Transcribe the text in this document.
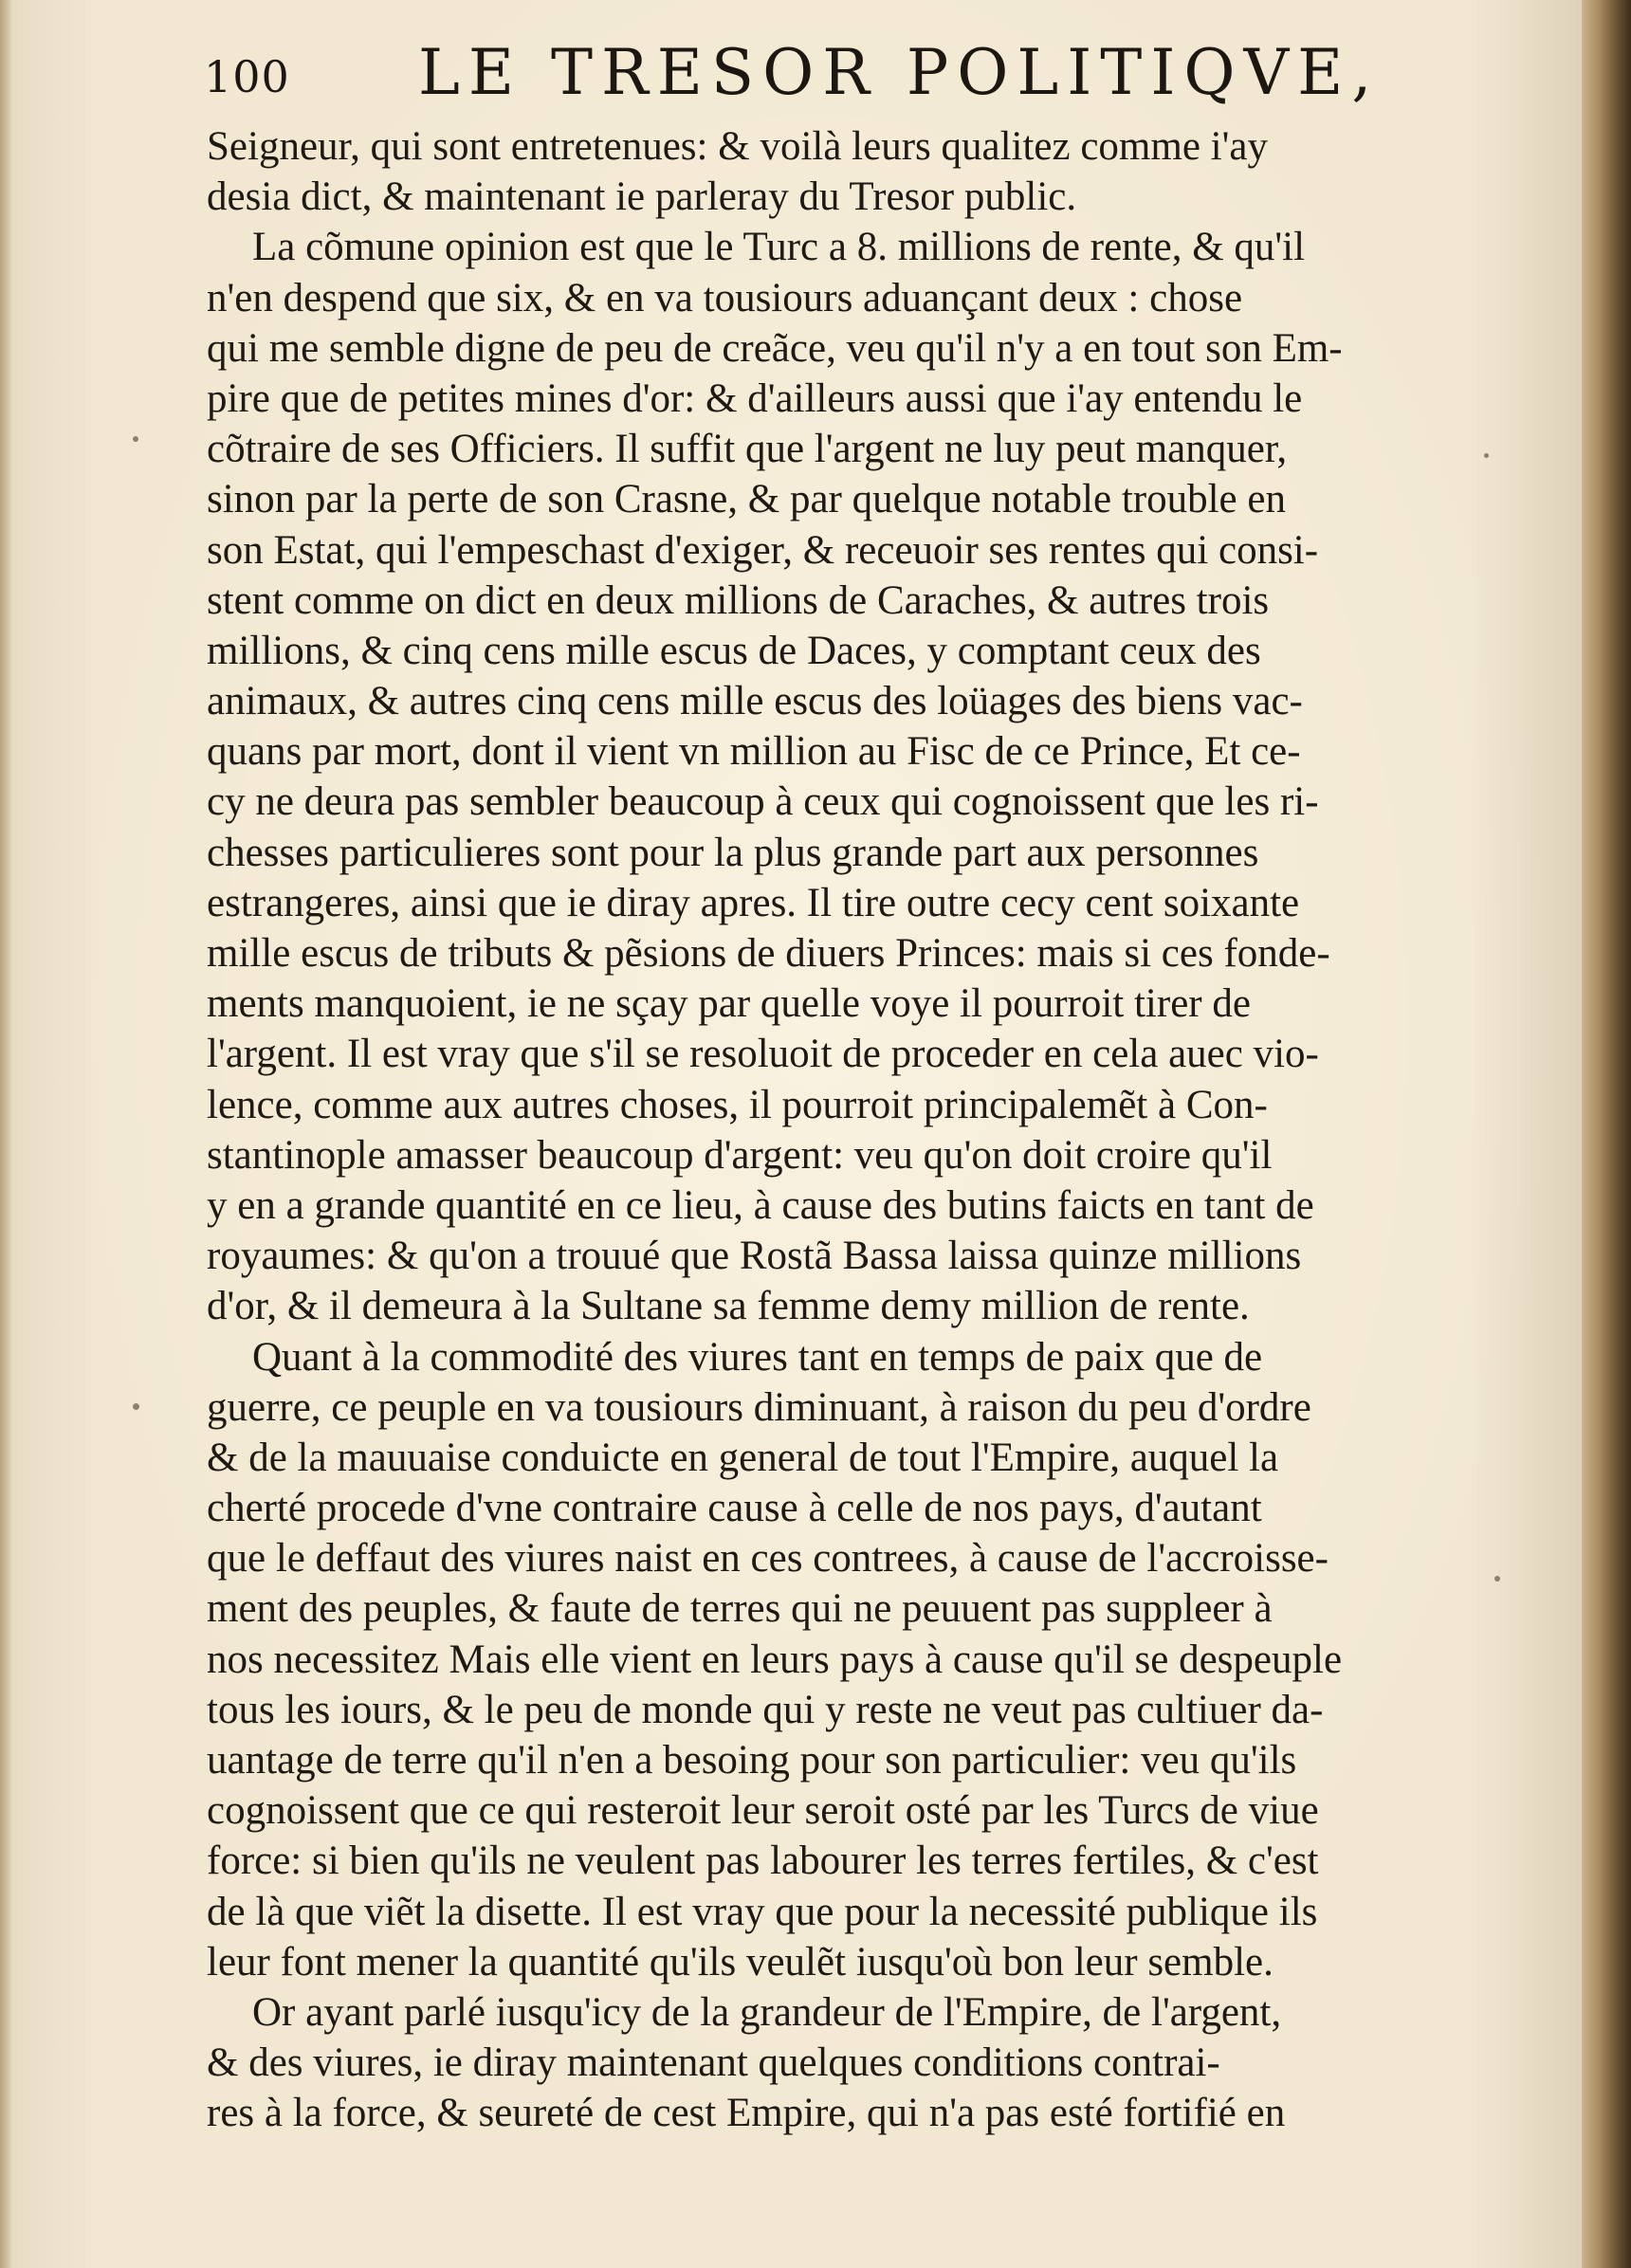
100 LE TRESOR POLITIQVE,
Seigneur, qui sont entretenues: & voilà leurs qualitez comme i'ay
desia dict, & maintenant ie parleray du Tresor public.
La cõmune opinion est que le Turc a 8. millions de rente, & qu'il
n'en despend que six, & en va tousiours aduançant deux : chose
qui me semble digne de peu de creãce, veu qu'il n'y a en tout son Em-
pire que de petites mines d'or: & d'ailleurs aussi que i'ay entendu le
cõtraire de ses Officiers. Il suffit que l'argent ne luy peut manquer,
sinon par la perte de son Crasne, & par quelque notable trouble en
son Estat, qui l'empeschast d'exiger, & receuoir ses rentes qui consi-
stent comme on dict en deux millions de Caraches, & autres trois
millions, & cinq cens mille escus de Daces, y comptant ceux des
animaux, & autres cinq cens mille escus des loüages des biens vac-
quans par mort, dont il vient vn million au Fisc de ce Prince, Et ce-
cy ne deura pas sembler beaucoup à ceux qui cognoissent que les ri-
chesses particulieres sont pour la plus grande part aux personnes
estrangeres, ainsi que ie diray apres. Il tire outre cecy cent soixante
mille escus de tributs & pẽsions de diuers Princes: mais si ces fonde-
ments manquoient, ie ne sçay par quelle voye il pourroit tirer de
l'argent. Il est vray que s'il se resoluoit de proceder en cela auec vio-
lence, comme aux autres choses, il pourroit principalemẽt à Con-
stantinople amasser beaucoup d'argent: veu qu'on doit croire qu'il
y en a grande quantité en ce lieu, à cause des butins faicts en tant de
royaumes: & qu'on a trouué que Rostã Bassa laissa quinze millions
d'or, & il demeura à la Sultane sa femme demy million de rente.
Quant à la commodité des viures tant en temps de paix que de
guerre, ce peuple en va tousiours diminuant, à raison du peu d'ordre
& de la mauuaise conduicte en general de tout l'Empire, auquel la
cherté procede d'vne contraire cause à celle de nos pays, d'autant
que le deffaut des viures naist en ces contrees, à cause de l'accroisse-
ment des peuples, & faute de terres qui ne peuuent pas suppleer à
nos necessitez Mais elle vient en leurs pays à cause qu'il se despeuple
tous les iours, & le peu de monde qui y reste ne veut pas cultiuer da-
uantage de terre qu'il n'en a besoing pour son particulier: veu qu'ils
cognoissent que ce qui resteroit leur seroit osté par les Turcs de viue
force: si bien qu'ils ne veulent pas labourer les terres fertiles, & c'est
de là que viẽt la disette. Il est vray que pour la necessité publique ils
leur font mener la quantité qu'ils veulẽt iusqu'où bon leur semble.
Or ayant parlé iusqu'icy de la grandeur de l'Empire, de l'argent,
& des viures, ie diray maintenant quelques conditions contrai-
res à la force, & seureté de cest Empire, qui n'a pas esté fortifié en
